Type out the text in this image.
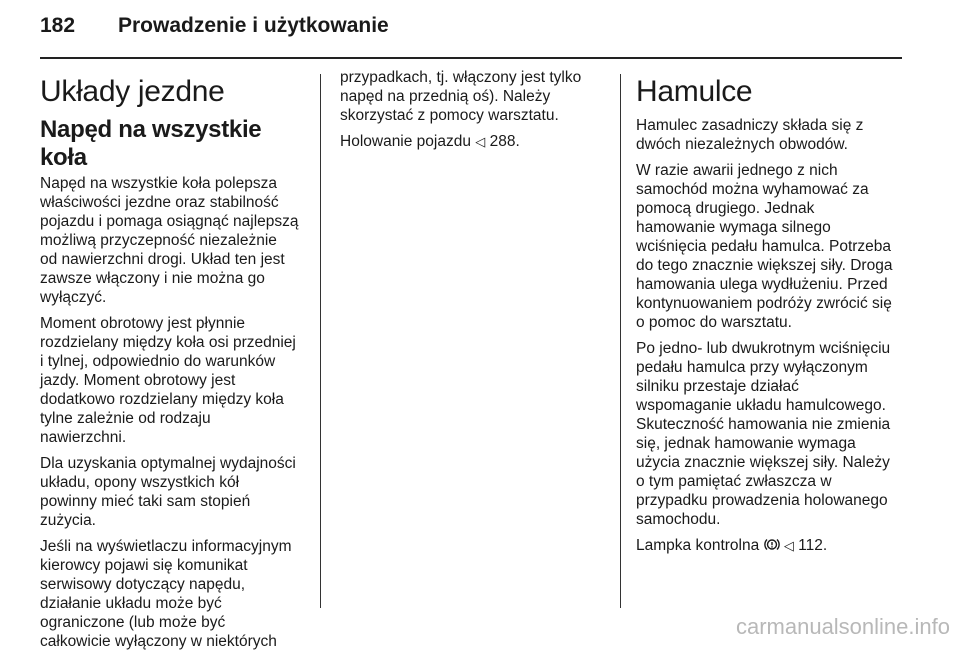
182 Prowadzenie i użytkowanie
Układy jezdne
Napęd na wszystkie koła

Napęd na wszystkie koła polepsza
właściwości jezdne oraz stabilność
pojazdu i pomaga osiągnąć najlepszą
możliwą przyczepność niezależnie
od nawierzchni drogi. Układ ten jest
zawsze włączony i nie można go
wyłączyć.

Moment obrotowy jest płynnie
rozdzielany między koła osi przedniej
i tylnej, odpowiednio do warunków
jazdy. Moment obrotowy jest
dodatkowo rozdzielany między koła
tylne zależnie od rodzaju
nawierzchni.

Dla uzyskania optymalnej wydajności
układu, opony wszystkich kół
powinny mieć taki sam stopień
zużycia.

Jeśli na wyświetlaczu informacyjnym
kierowcy pojawi się komunikat
serwisowy dotyczący napędu,
działanie układu może być
ograniczone (lub może być
całkowicie wyłączony w niektórych

przypadkach, tj. włączony jest tylko
napęd na przednią oś). Należy
skorzystać z pomocy warsztatu.

Holowanie pojazdu ◁ 288.

Hamulce

Hamulec zasadniczy składa się z
dwóch niezależnych obwodów.

W razie awarii jednego z nich
samochód można wyhamować za
pomocą drugiego. Jednak
hamowanie wymaga silnego
wciśnięcia pedału hamulca. Potrzeba
do tego znacznie większej siły. Droga
hamowania ulega wydłużeniu. Przed
kontynuowaniem podróży zwrócić się
o pomoc do warsztatu.

Po jedno- lub dwukrotnym wciśnięciu
pedału hamulca przy wyłączonym
silniku przestaje działać
wspomaganie układu hamulcowego.
Skuteczność hamowania nie zmienia
się, jednak hamowanie wymaga
użycia znacznie większej siły. Należy
o tym pamiętać zwłaszcza w
przypadku prowadzenia holowanego
samochodu.

Lampka kontrolna ◁ 112.

carmanualsonline.info
